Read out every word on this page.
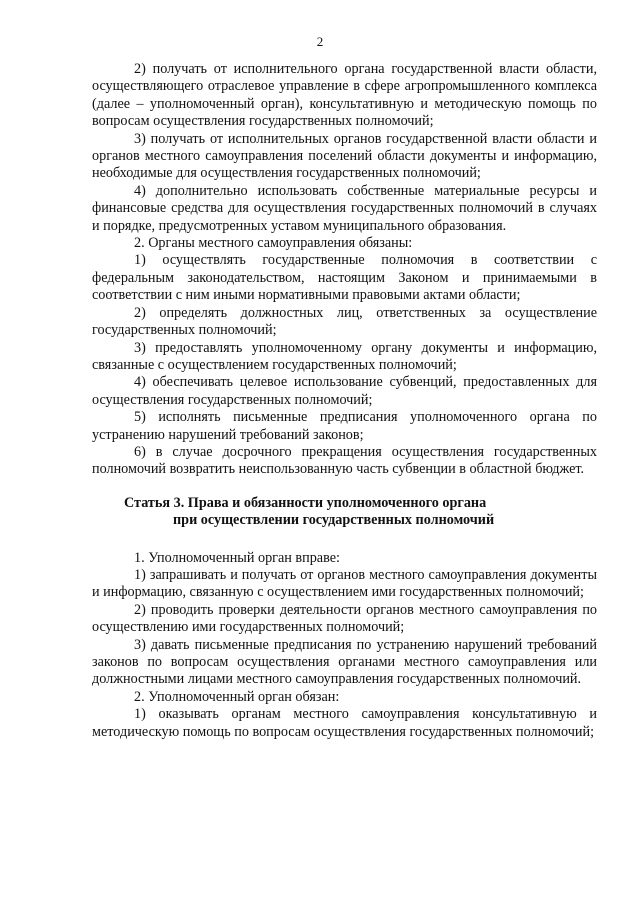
2

2) получать от исполнительного органа государственной власти области, осуществляющего отраслевое управление в сфере агропромышленного комплекса (далее – уполномоченный орган), консультативную и методическую помощь по вопросам осуществления государственных полномочий;

3) получать от исполнительных органов государственной власти области и органов местного самоуправления поселений области документы и информацию, необходимые для осуществления государственных полномочий;

4) дополнительно использовать собственные материальные ресурсы и финансовые средства для осуществления государственных полномочий в случаях и порядке, предусмотренных уставом муниципального образования.

2. Органы местного самоуправления обязаны:

1) осуществлять государственные полномочия в соответствии с федеральным законодательством, настоящим Законом и принимаемыми в соответствии с ним иными нормативными правовыми актами области;

2) определять должностных лиц, ответственных за осуществление государственных полномочий;

3) предоставлять уполномоченному органу документы и информацию, связанные с осуществлением государственных полномочий;

4) обеспечивать целевое использование субвенций, предоставленных для осуществления государственных полномочий;

5) исполнять письменные предписания уполномоченного органа по устранению нарушений требований законов;

6) в случае досрочного прекращения осуществления государственных полномочий возвратить неиспользованную часть субвенции в областной бюджет.

Статья 3. Права и обязанности уполномоченного органа
при осуществлении государственных полномочий

1. Уполномоченный орган вправе:

1) запрашивать и получать от органов местного самоуправления документы и информацию, связанную с осуществлением ими государственных полномочий;

2) проводить проверки деятельности органов местного самоуправления по осуществлению ими государственных полномочий;

3) давать письменные предписания по устранению нарушений требований законов по вопросам осуществления органами местного самоуправления или должностными лицами местного самоуправления государственных полномочий.

2. Уполномоченный орган обязан:

1) оказывать органам местного самоуправления консультативную и методическую помощь по вопросам осуществления государственных полномочий;
